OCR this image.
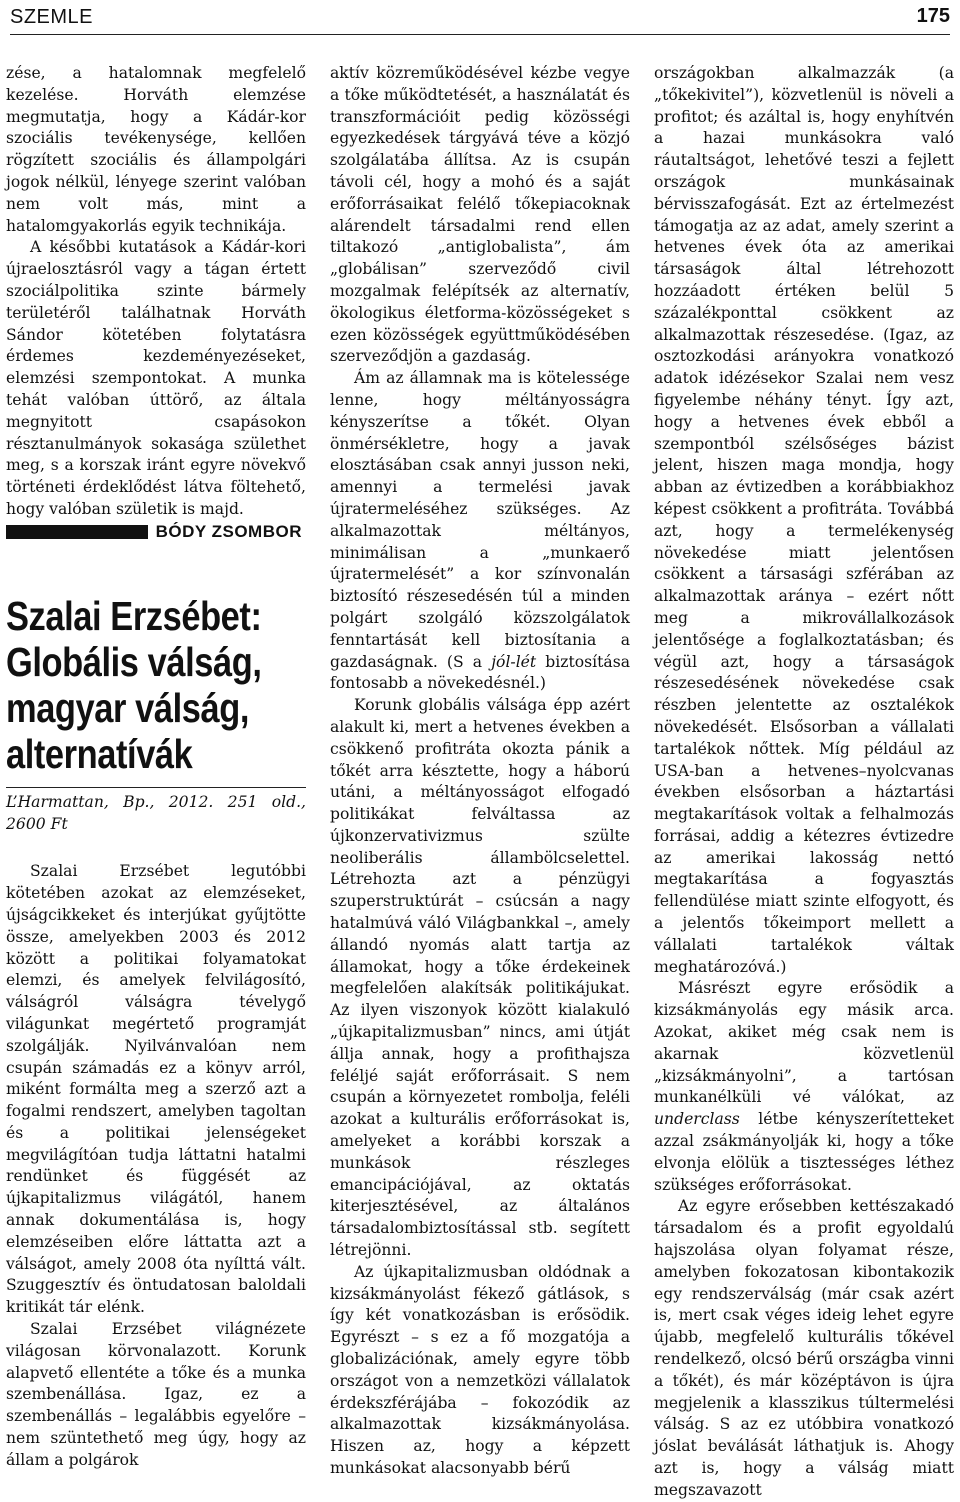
SZEMLE	175

zése, a hatalomnak megfelelő kezelése. Horváth elemzése megmutatja, hogy a Kádár-kor szociális tevékenysége, kellően rögzített szociális és állampolgári jogok nélkül, lényege szerint valóban nem volt más, mint a hatalomgyakorlás egyik technikája.

A későbbi kutatások a Kádár-kori újraelosztásról vagy a tágan értett szociálpolitika szinte bármely területéről találhatnak Horváth Sándor kötetében folytatásra érdemes kezdeményezéseket, elemzési szempontokat. A munka tehát valóban úttörő, az általa megnyitott csapásokon résztanulmányok sokasága születhet meg, s a korszak iránt egyre növekvő történeti érdeklődést látva föltehető, hogy valóban születik is majd.

BÓDY ZSOMBOR
Szalai Erzsébet:
Globális válság,
magyar válság,
alternatívák
L’Harmattan, Bp., 2012. 251 old., 2600 Ft

Szalai Erzsébet legutóbbi kötetében azokat az elemzéseket, újságcikkeket és interjúkat gyűjtötte össze, amelyekben 2003 és 2012 között a politikai folyamatokat elemzi, és amelyek felvilágosító, válságról válságra tévelygő világunkat megértető programját szolgálják. Nyilvánvalóan nem csupán számadás ez a könyv arról, miként formálta meg a szerző azt a fogalmi rendszert, amelyben tagoltan és a politikai jelenségeket megvilágítóan tudja láttatni hatalmi rendünket és függését az újkapitalizmus világától, hanem annak dokumentálása is, hogy elemzéseiben előre láttatta azt a válságot, amely 2008 óta nyílttá vált. Szuggesztív és öntudatosan baloldali kritikát tár elénk.

Szalai Erzsébet világnézete világosan körvonalazott. Korunk alapvető ellentéte a tőke és a munka szembenállása. Igaz, ez a szembenállás – legalábbis egyelőre – nem szüntethető meg úgy, hogy az állam a polgárok

aktív közreműködésével kézbe vegye a tőke működtetését, a használatát és transzformációit pedig közösségi egyezkedések tárgyává téve a közjó szolgálatába állítsa. Az is csupán távoli cél, hogy a mohó és a saját erőforrásaikat felélő tőkepiacoknak alárendelt társadalmi rend ellen tiltakozó „antiglobalista”, ám „globálisan” szerveződő civil mozgalmak felépítsék az alternatív, ökologikus életforma-közösségeket s ezen közösségek együttműködésében szerveződjön a gazdaság.

Ám az államnak ma is kötelessége lenne, hogy méltányosságra kényszerítse a tőkét. Olyan önmérsékletre, hogy a javak elosztásában csak annyi jusson neki, amennyi a termelési javak újratermeléséhez szükséges. Az alkalmazottak méltányos, minimálisan a „munkaerő újratermelését” a kor színvonalán biztosító részesedésén túl a minden polgárt szolgáló közszolgálatok fenntartását kell biztosítania a gazdaságnak. (S a jól-lét biztosítása fontosabb a növekedésnél.)

Korunk globális válsága épp azért alakult ki, mert a hetvenes években a csökkenő profitráta okozta pánik a tőkét arra késztette, hogy a háború utáni, a méltányosságot elfogadó politikákat felváltassa az újkonzervativizmus szülte neoliberális állambölcselettel. Létrehozta azt a pénzügyi szuperstruktúrát – csúcsán a nagy hatalmúvá váló Világbankkal –, amely állandó nyomás alatt tartja az államokat, hogy a tőke érdekeinek megfelelően alakítsák politikájukat. Az ilyen viszonyok között kialakuló „újkapitalizmusban” nincs, ami útját állja annak, hogy a profithajsza feléljé saját erőforrásait. S nem csupán a környezetet rombolja, feléli azokat a kulturális erőforrásokat is, amelyeket a korábbi korszak a munkások részleges emancipációjával, az oktatás kiterjesztésével, az általános társadalombiztosítással stb. segített létrejönni.

Az újkapitalizmusban oldódnak a kizsákmányolást fékező gátlások, s így két vonatkozásban is erősödik. Egyrészt – s ez a fő mozgatója a globalizációnak, amely egyre több országot von a nemzetközi vállalatok érdekszférájába – fokozódik az alkalmazottak kizsákmányolása. Hiszen az, hogy a képzett munkásokat alacsonyabb bérű

országokban alkalmazzák (a „tőkekivitel”), közvetlenül is növeli a profitot; és azáltal is, hogy enyhítvén a hazai munkásokra való ráutaltságot, lehetővé teszi a fejlett országok munkásainak bérvisszafogását. Ezt az értelmezést támogatja az az adat, amely szerint a hetvenes évek óta az amerikai társaságok által létrehozott hozzáadott értéken belül 5 százalékponttal csökkent az alkalmazottak részesedése. (Igaz, az osztozkodási arányokra vonatkozó adatok idézésekor Szalai nem vesz figyelembe néhány tényt. Így azt, hogy a hetvenes évek ebből a szempontból szélsőséges bázist jelent, hiszen maga mondja, hogy abban az évtizedben a korábbiakhoz képest csökkent a profitráta. Továbbá azt, hogy a termelékenység növekedése miatt jelentősen csökkent a társasági szférában az alkalmazottak aránya – ezért nőtt meg a mikrovállalkozások jelentősége a foglalkoztatásban; és végül azt, hogy a társaságok részesedésének növekedése csak részben jelentette az osztalékok növekedését. Elsősorban a vállalati tartalékok nőttek. Míg például az USA-ban a hetvenes–nyolcvanas években elsősorban a háztartási megtakarítások voltak a felhalmozás forrásai, addig a kétezres évtizedre az amerikai lakosság nettó megtakarítása a fogyasztás fellendülése miatt szinte elfogyott, és a jelentős tőkeimport mellett a vállalati tartalékok váltak meghatározóvá.)

Másrészt egyre erősödik a kizsákmányolás egy másik arca. Azokat, akiket még csak nem is akarnak közvetlenül „kizsákmányolni”, a tartósan munkanélküli vé válókat, az underclass létbe kényszerítetteket azzal zsákmányolják ki, hogy a tőke elvonja elölük a tisztességes léthez szükséges erőforrásokat.

Az egyre erősebben kettészakadó társadalom és a profit egyoldalú hajszolása olyan folyamat része, amelyben fokozatosan kibontakozik egy rendszerválság (már csak azért is, mert csak véges ideig lehet egyre újabb, megfelelő kulturális tőkével rendelkező, olcsó bérű országba vinni a tőkét), és már középtávon is újra megjelenik a klasszikus túltermelési válság. S az ez utóbbira vonatkozó jóslat beválását láthatjuk is. Ahogy azt is, hogy a válság miatt megszavazott
